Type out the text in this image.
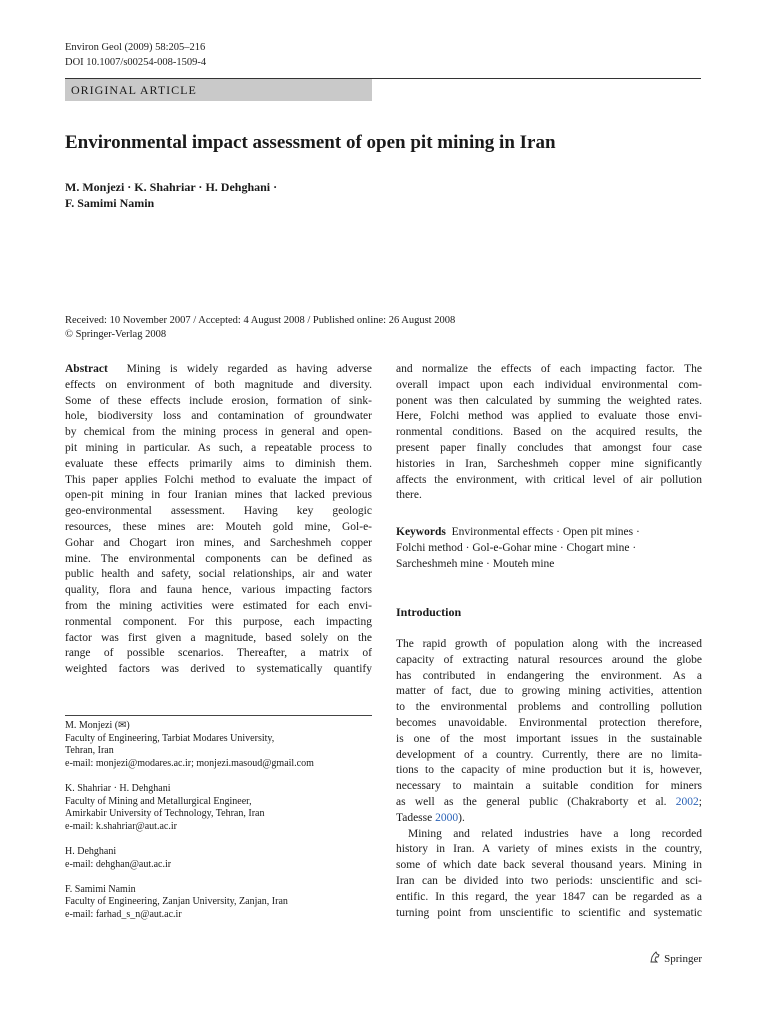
Environ Geol (2009) 58:205–216
DOI 10.1007/s00254-008-1509-4
ORIGINAL ARTICLE
Environmental impact assessment of open pit mining in Iran
M. Monjezi · K. Shahriar · H. Dehghani ·
F. Samimi Namin
Received: 10 November 2007 / Accepted: 4 August 2008 / Published online: 26 August 2008
© Springer-Verlag 2008
Abstract Mining is widely regarded as having adverse
effects on environment of both magnitude and diversity.
Some of these effects include erosion, formation of sink-
hole, biodiversity loss and contamination of groundwater
by chemical from the mining process in general and open-
pit mining in particular. As such, a repeatable process to
evaluate these effects primarily aims to diminish them.
This paper applies Folchi method to evaluate the impact of
open-pit mining in four Iranian mines that lacked previous
geo-environmental assessment. Having key geologic
resources, these mines are: Mouteh gold mine, Gol-e-
Gohar and Chogart iron mines, and Sarcheshmeh copper
mine. The environmental components can be defined as
public health and safety, social relationships, air and water
quality, flora and fauna hence, various impacting factors
from the mining activities were estimated for each envi-
ronmental component. For this purpose, each impacting
factor was first given a magnitude, based solely on the
range of possible scenarios. Thereafter, a matrix of
weighted factors was derived to systematically quantify
M. Monjezi (✉)
Faculty of Engineering, Tarbiat Modares University,
Tehran, Iran
e-mail: monjezi@modares.ac.ir; monjezi.masoud@gmail.com
K. Shahriar · H. Dehghani
Faculty of Mining and Metallurgical Engineer,
Amirkabir University of Technology, Tehran, Iran
e-mail: k.shahriar@aut.ac.ir
H. Dehghani
e-mail: dehghan@aut.ac.ir
F. Samimi Namin
Faculty of Engineering, Zanjan University, Zanjan, Iran
e-mail: farhad_s_n@aut.ac.ir
and normalize the effects of each impacting factor. The
overall impact upon each individual environmental com-
ponent was then calculated by summing the weighted rates.
Here, Folchi method was applied to evaluate those envi-
ronmental conditions. Based on the acquired results, the
present paper finally concludes that amongst four case
histories in Iran, Sarcheshmeh copper mine significantly
affects the environment, with critical level of air pollution
there.
Keywords Environmental effects · Open pit mines ·
Folchi method · Gol-e-Gohar mine · Chogart mine ·
Sarcheshmeh mine · Mouteh mine
Introduction
The rapid growth of population along with the increased
capacity of extracting natural resources around the globe
has contributed in endangering the environment. As a
matter of fact, due to growing mining activities, attention
to the environmental problems and controlling pollution
becomes unavoidable. Environmental protection therefore,
is one of the most important issues in the sustainable
development of a country. Currently, there are no limita-
tions to the capacity of mine production but it is, however,
necessary to maintain a suitable condition for miners
as well as the general public (Chakraborty et al. 2002;
Tadesse 2000).
Mining and related industries have a long recorded
history in Iran. A variety of mines exists in the country,
some of which date back several thousand years. Mining in
Iran can be divided into two periods: unscientific and sci-
entific. In this regard, the year 1847 can be regarded as a
turning point from unscientific to scientific and systematic
Springer
